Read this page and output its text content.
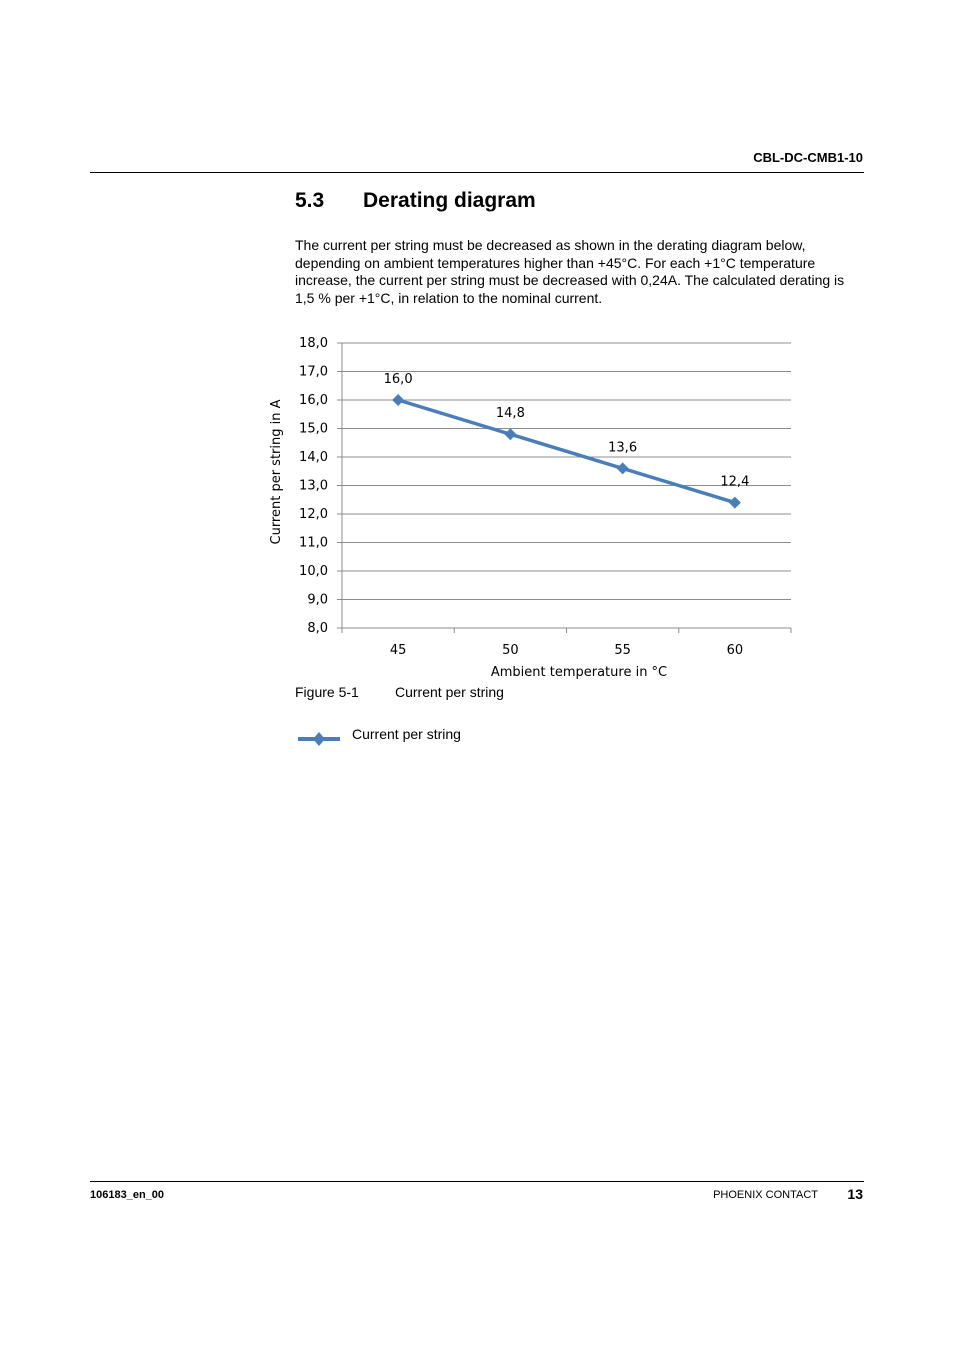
CBL-DC-CMB1-10
5.3 Derating diagram
The current per string must be decreased as shown in the derating diagram below, depending on ambient temperatures higher than +45°C. For each +1°C temperature increase, the current per string must be decreased with 0,24A. The calculated derating is 1,5 % per +1°C, in relation to the nominal current.
8,0
9,0
10,0
11,0
12,0
13,0
14,0
15,0
16,0
17,0
18,0
45	50	55	60
Current per string in A
Ambient temperature in °C
16,0
14,8
13,6
12,4
Figure 5-1	Current per string
Current per string
106183_en_00	PHOENIX CONTACT	13
